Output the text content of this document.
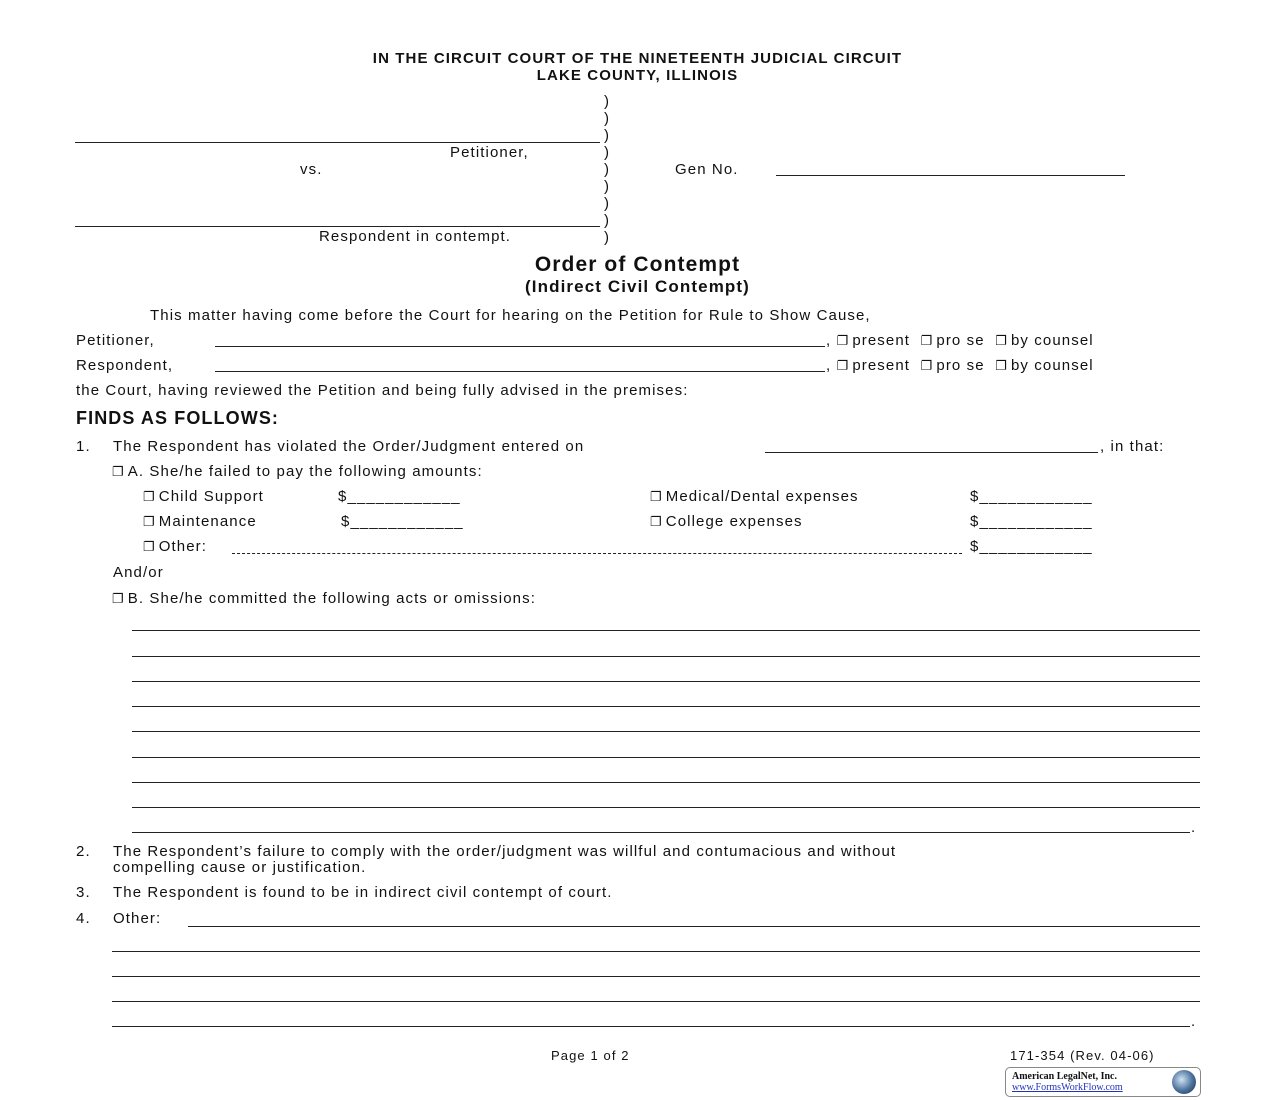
IN THE CIRCUIT COURT OF THE NINETEENTH JUDICIAL CIRCUIT
LAKE COUNTY, ILLINOIS
)
)
)
)
)
)
)
)
)
Petitioner,
vs.	Gen No.
Respondent in contempt.
Order of Contempt
(Indirect Civil Contempt)
This matter having come before the Court for hearing on the Petition for Rule to Show Cause,
Petitioner,	, ❐ present ❐ pro se ❐ by counsel
Respondent,	, ❐ present ❐ pro se ❐ by counsel
the Court, having reviewed the Petition and being fully advised in the premises:
FINDS AS FOLLOWS:
1. The Respondent has violated the Order/Judgment entered on	, in that:
❐ A. She/he failed to pay the following amounts:
❐ Child Support	$____________	❐ Medical/Dental expenses	$____________
❐ Maintenance	$____________	❐ College expenses	$____________
❐ Other:	$____________
And/or
❐ B. She/he committed the following acts or omissions:
.
2. The Respondent’s failure to comply with the order/judgment was willful and contumacious and without
compelling cause or justification.
3. The Respondent is found to be in indirect civil contempt of court.
4. Other:
.
Page 1 of 2	171-354 (Rev. 04-06)
American LegalNet, Inc.
www.FormsWorkFlow.com
